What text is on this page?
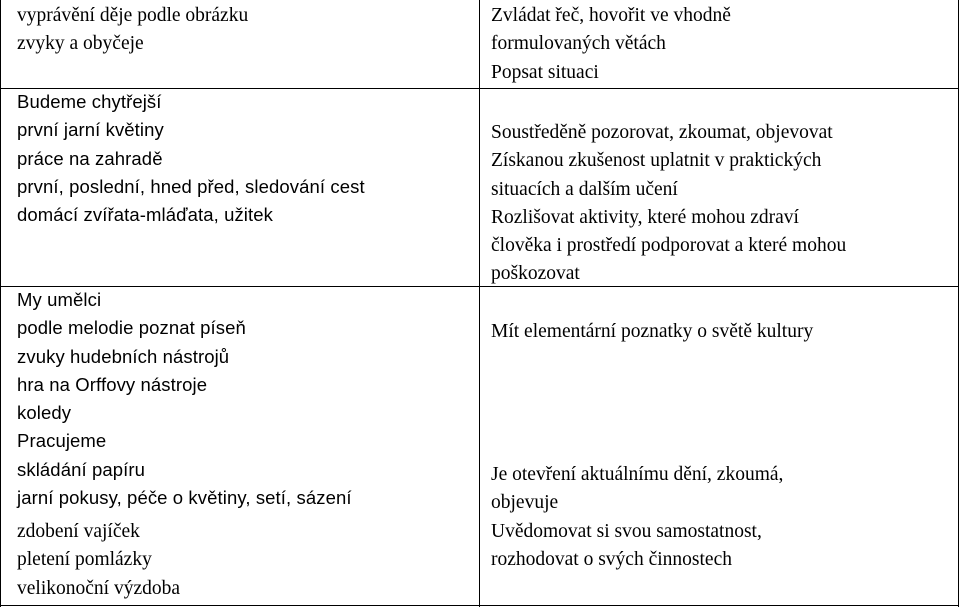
vyprávění děje podle obrázku
zvyky a obyčeje
Budeme chytřejší
první jarní květiny
práce na zahradě
první, poslední, hned před, sledování cest
domácí zvířata-mláďata, užitek
My umělci
podle melodie poznat píseň
zvuky hudebních nástrojů
hra na Orffovy nástroje
koledy
Pracujeme
skládání papíru
jarní pokusy, péče o květiny, setí, sázení
zdobení vajíček
pletení pomlázky
velikonoční výzdoba
Zvládat řeč, hovořit ve vhodně
formulovaných větách
Popsat situaci
Soustředěně pozorovat, zkoumat, objevovat
Získanou zkušenost uplatnit v praktických
situacích a dalším učení
Rozlišovat aktivity, které mohou zdraví
člověka i prostředí podporovat a které mohou
poškozovat
Mít elementární poznatky o světě kultury
Je otevření aktuálnímu dění, zkoumá,
objevuje
Uvědomovat si svou samostatnost,
rozhodovat o svých činnostech
